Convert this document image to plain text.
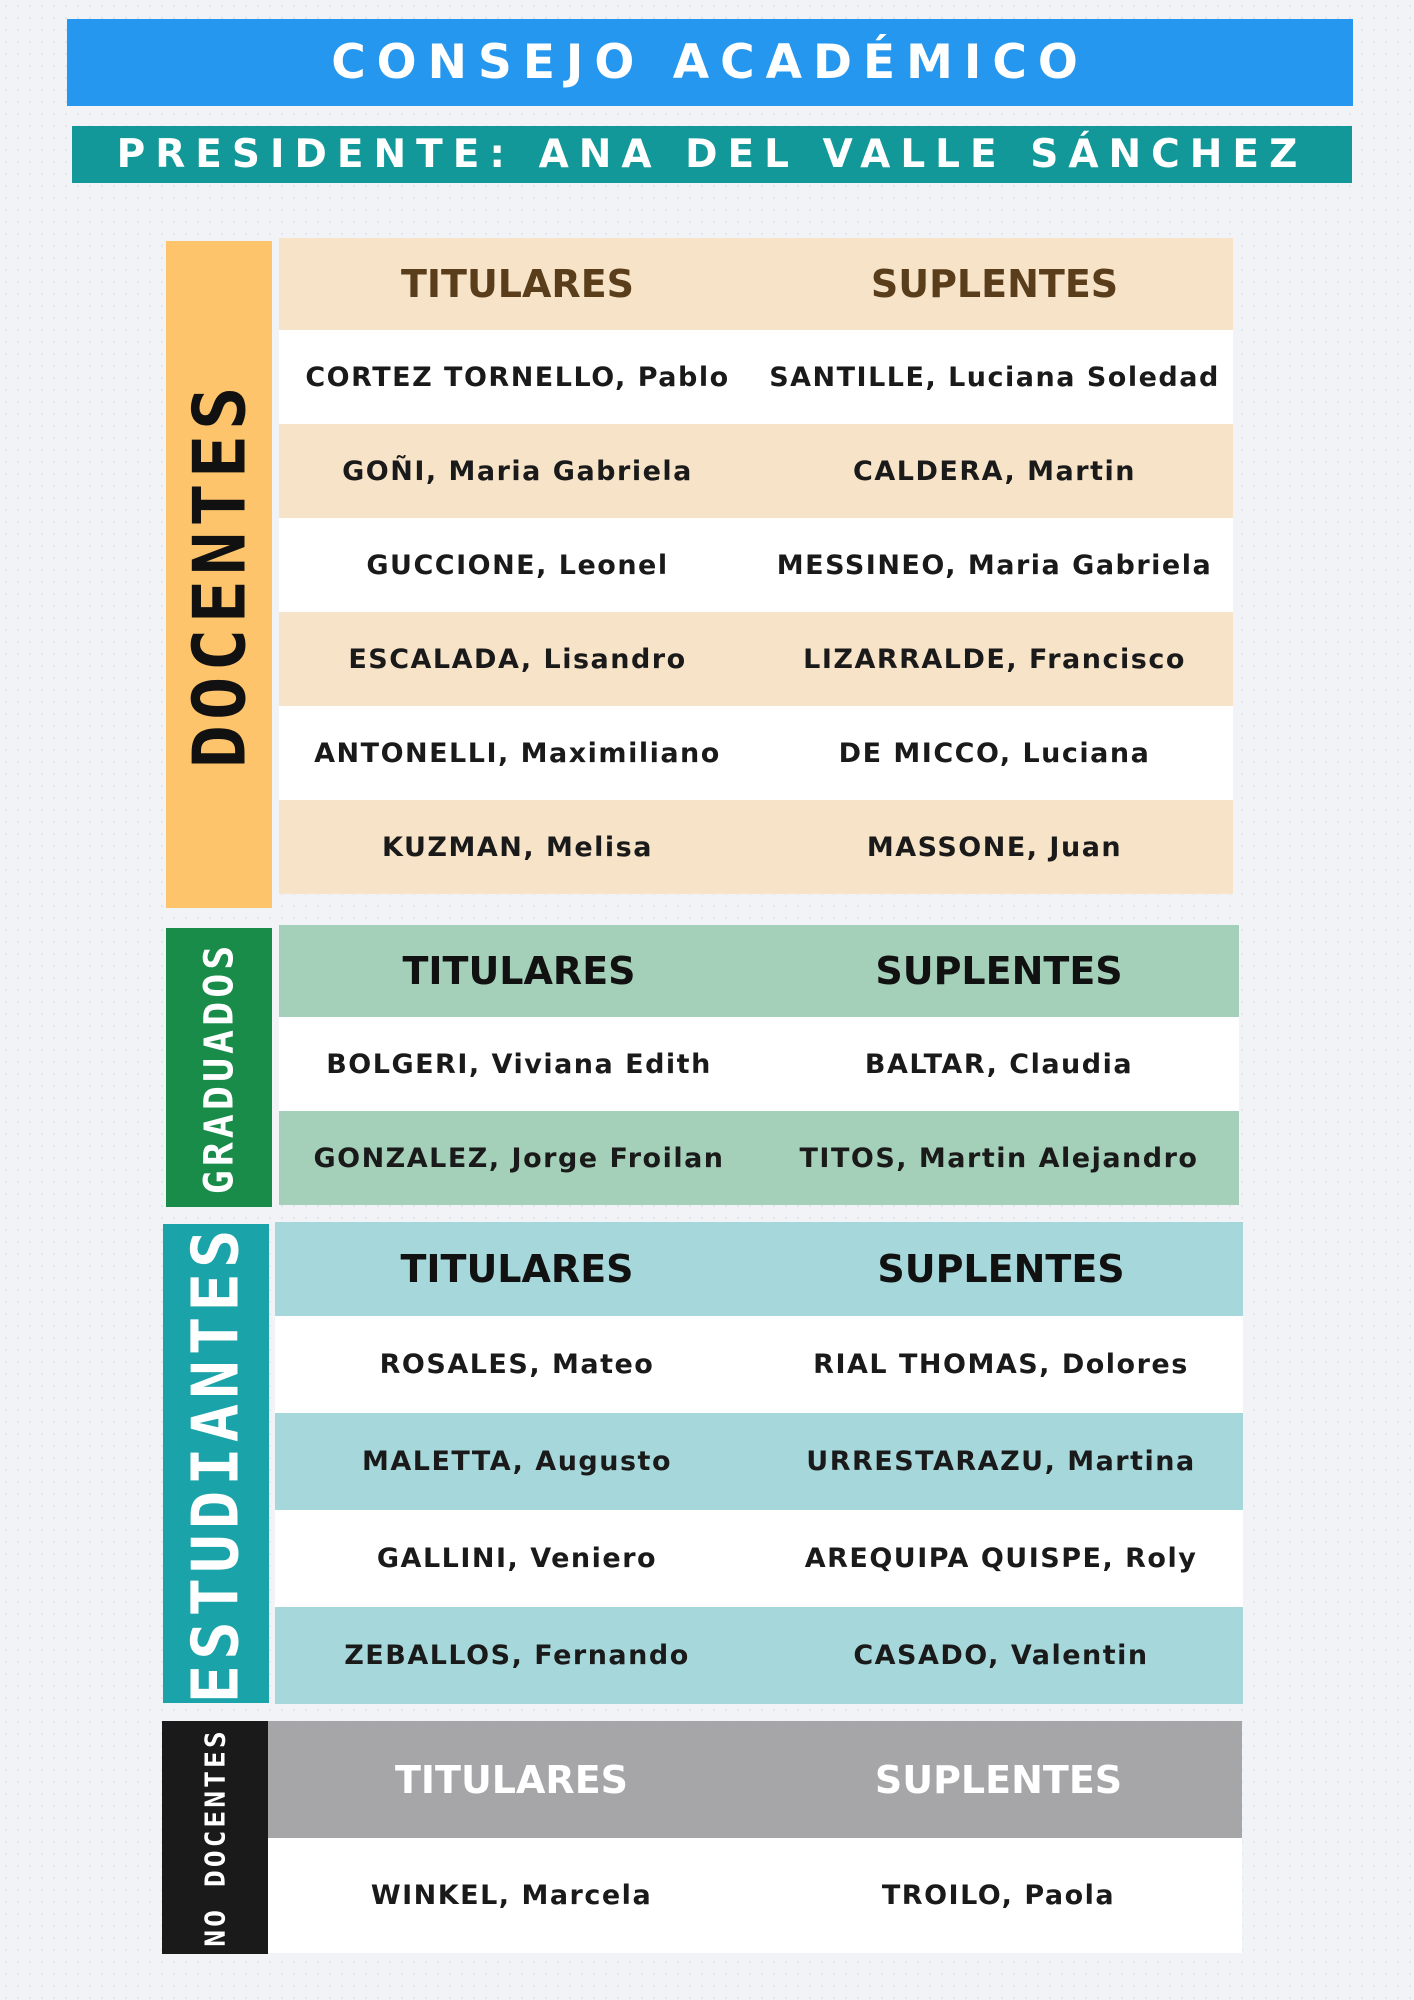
CONSEJO ACADÉMICO
PRESIDENTE: ANA DEL VALLE SÁNCHEZ
DOCENTES
TITULARES	SUPLENTES
CORTEZ TORNELLO, Pablo	SANTILLE, Luciana Soledad
GOÑI, Maria Gabriela	CALDERA, Martin
GUCCIONE, Leonel	MESSINEO, Maria Gabriela
ESCALADA, Lisandro	LIZARRALDE, Francisco
ANTONELLI, Maximiliano	DE MICCO, Luciana
KUZMAN, Melisa	MASSONE, Juan
GRADUADOS	TITULARES	SUPLENTES
BOLGERI, Viviana Edith	BALTAR, Claudia
GONZALEZ, Jorge Froilan	TITOS, Martin Alejandro
ESTUDIANTES	TITULARES	SUPLENTES
ROSALES, Mateo	RIAL THOMAS, Dolores
MALETTA, Augusto	URRESTARAZU, Martina
GALLINI, Veniero	AREQUIPA QUISPE, Roly
ZEBALLOS, Fernando	CASADO, Valentin
NO DOCENTES	TITULARES	SUPLENTES
WINKEL, Marcela	TROILO, Paola
